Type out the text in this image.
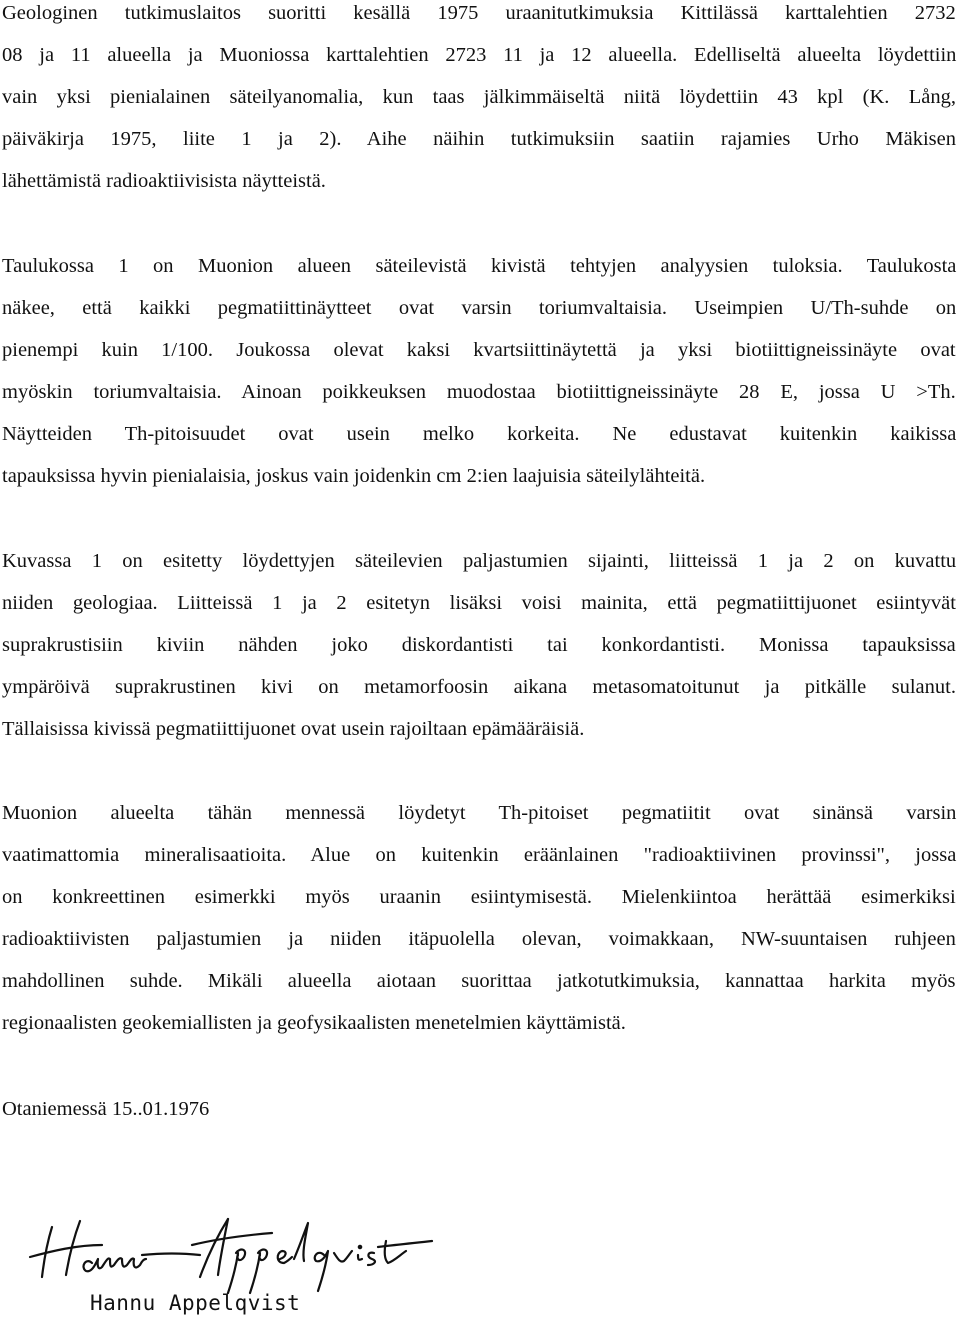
Geologinen tutkimuslaitos suoritti kesällä 1975 uraanitutkimuksia Kittilässä karttalehtien 2732
08 ja 11 alueella ja Muoniossa karttalehtien 2723 11 ja 12 alueella. Edelliseltä alueelta löydettiin
vain yksi pienialainen säteilyanomalia, kun taas jälkimmäiseltä niitä löydettiin 43 kpl (K. Lång,
päiväkirja 1975, liite 1 ja 2). Aihe näihin tutkimuksiin saatiin rajamies Urho Mäkisen
lähettämistä radioaktiivisista näytteistä.
Taulukossa 1 on Muonion alueen säteilevistä kivistä tehtyjen analyysien tuloksia. Taulukosta
näkee, että kaikki pegmatiittinäytteet ovat varsin toriumvaltaisia. Useimpien U/Th-suhde on
pienempi kuin 1/100. Joukossa olevat kaksi kvartsiittinäytettä ja yksi biotiittigneissinäyte ovat
myöskin toriumvaltaisia. Ainoan poikkeuksen muodostaa biotiittigneissinäyte 28 E, jossa U >Th.
Näytteiden Th-pitoisuudet ovat usein melko korkeita. Ne edustavat kuitenkin kaikissa
tapauksissa hyvin pienialaisia, joskus vain joidenkin cm 2:ien laajuisia säteilylähteitä.
Kuvassa 1 on esitetty löydettyjen säteilevien paljastumien sijainti, liitteissä 1 ja 2 on kuvattu
niiden geologiaa. Liitteissä 1 ja 2 esitetyn lisäksi voisi mainita, että pegmatiittijuonet esiintyvät
suprakrustisiin kiviin nähden joko diskordantisti tai konkordantisti. Monissa tapauksissa
ympäröivä suprakrustinen kivi on metamorfoosin aikana metasomatoitunut ja pitkälle sulanut.
Tällaisissa kivissä pegmatiittijuonet ovat usein rajoiltaan epämääräisiä.
Muonion alueelta tähän mennessä löydetyt Th-pitoiset pegmatiitit ovat sinänsä varsin
vaatimattomia mineralisaatioita. Alue on kuitenkin eräänlainen "radioaktiivinen provinssi", jossa
on konkreettinen esimerkki myös uraanin esiintymisestä. Mielenkiintoa herättää esimerkiksi
radioaktiivisten paljastumien ja niiden itäpuolella olevan, voimakkaan, NW-suuntaisen ruhjeen
mahdollinen suhde. Mikäli alueella aiotaan suorittaa jatkotutkimuksia, kannattaa harkita myös
regionaalisten geokemiallisten ja geofysikaalisten menetelmien käyttämistä.
Otaniemessä 15..01.1976
Hannu Appelqvist
